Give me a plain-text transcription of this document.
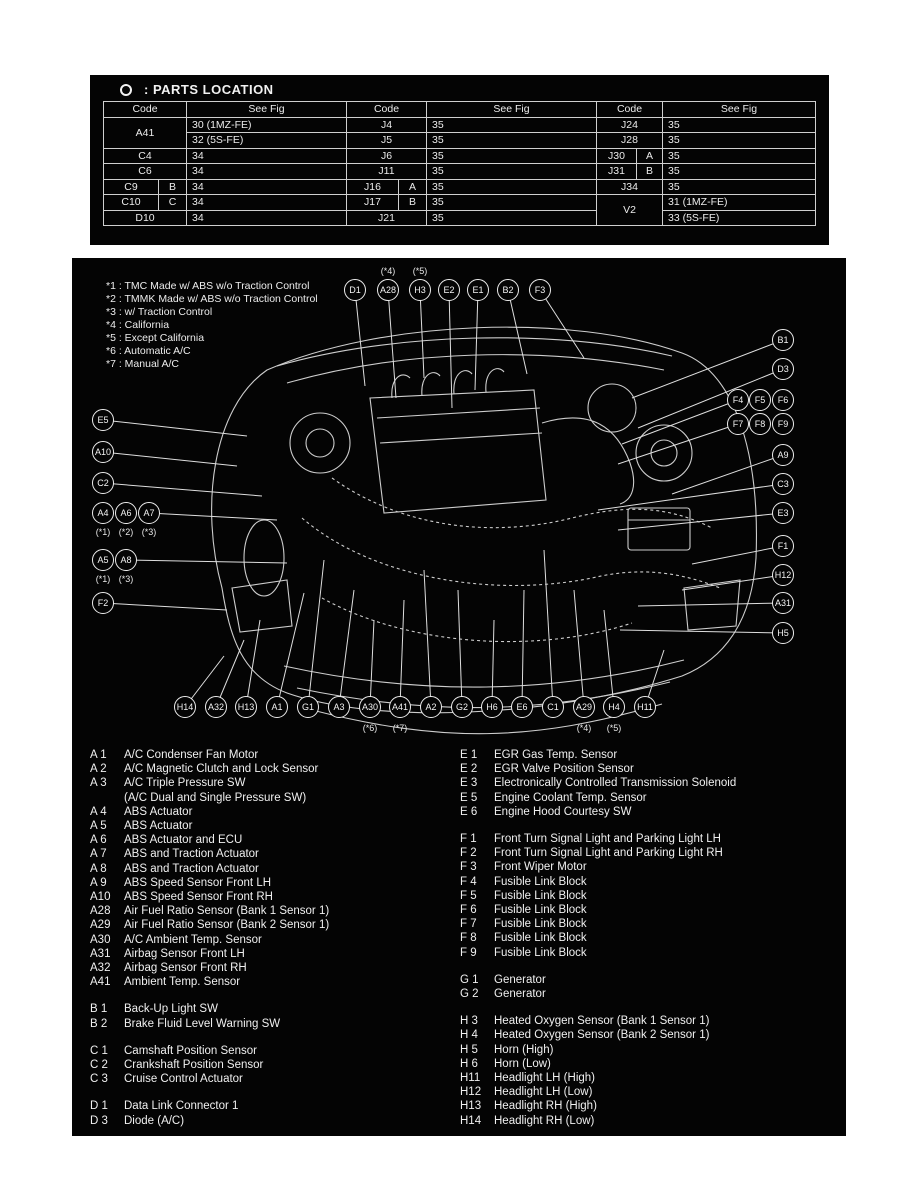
: PARTS LOCATION
Code		See Fig	Code		See Fig	Code		See Fig
A41		30 (1MZ-FE)	J4		35	J24		35
		32 (5S-FE)	J5		35	J28		35
C4		34	J6		35	J30	A	35
C6		34	J11		35	J31	B	35
C9	B	34	J16	A	35	J34		35
C10	C	34	J17	B	35	V2		31 (1MZ-FE)
D10		34	J21		35			33 (5S-FE)
*1 : TMC Made w/ ABS w/o Traction Control
*2 : TMMK Made w/ ABS w/o Traction Control
*3 : w/ Traction Control
*4 : California
*5 : Except California
*6 : Automatic A/C
*7 : Manual A/C
D1	A28	H3	E2	E1	B2	F3
B1
D3
F4	F5	F6
F7	F8	F9
A9
C3
E3
F1
H12
A31
H5
E5
A10
C2
A4	A6	A7
A5	A8
F2
H14	A32	H13	A1	G1	A3	A30	A41	A2	G2	H6	E6	C1	A29	H4	H11
(*4) (*5)
(*1) (*2) (*3)
(*1) (*3)
(*6) (*7)	(*4) (*5)
A 1	A/C Condenser Fan Motor
A 2	A/C Magnetic Clutch and Lock Sensor
A 3	A/C Triple Pressure SW
(A/C Dual and Single Pressure SW)
A 4	ABS Actuator
A 5	ABS Actuator
A 6	ABS Actuator and ECU
A 7	ABS and Traction Actuator
A 8	ABS and Traction Actuator
A 9	ABS Speed Sensor Front LH
A10	ABS Speed Sensor Front RH
A28	Air Fuel Ratio Sensor (Bank 1 Sensor 1)
A29	Air Fuel Ratio Sensor (Bank 2 Sensor 1)
A30	A/C Ambient Temp. Sensor
A31	Airbag Sensor Front LH
A32	Airbag Sensor Front RH
A41	Ambient Temp. Sensor
B 1	Back-Up Light SW
B 2	Brake Fluid Level Warning SW
C 1	Camshaft Position Sensor
C 2	Crankshaft Position Sensor
C 3	Cruise Control Actuator
D 1	Data Link Connector 1
D 3	Diode (A/C)
E 1	EGR Gas Temp. Sensor
E 2	EGR Valve Position Sensor
E 3	Electronically Controlled Transmission Solenoid
E 5	Engine Coolant Temp. Sensor
E 6	Engine Hood Courtesy SW
F 1	Front Turn Signal Light and Parking Light LH
F 2	Front Turn Signal Light and Parking Light RH
F 3	Front Wiper Motor
F 4	Fusible Link Block
F 5	Fusible Link Block
F 6	Fusible Link Block
F 7	Fusible Link Block
F 8	Fusible Link Block
F 9	Fusible Link Block
G 1	Generator
G 2	Generator
H 3	Heated Oxygen Sensor (Bank 1 Sensor 1)
H 4	Heated Oxygen Sensor (Bank 2 Sensor 1)
H 5	Horn (High)
H 6	Horn (Low)
H11	Headlight LH (High)
H12	Headlight LH (Low)
H13	Headlight RH (High)
H14	Headlight RH (Low)
